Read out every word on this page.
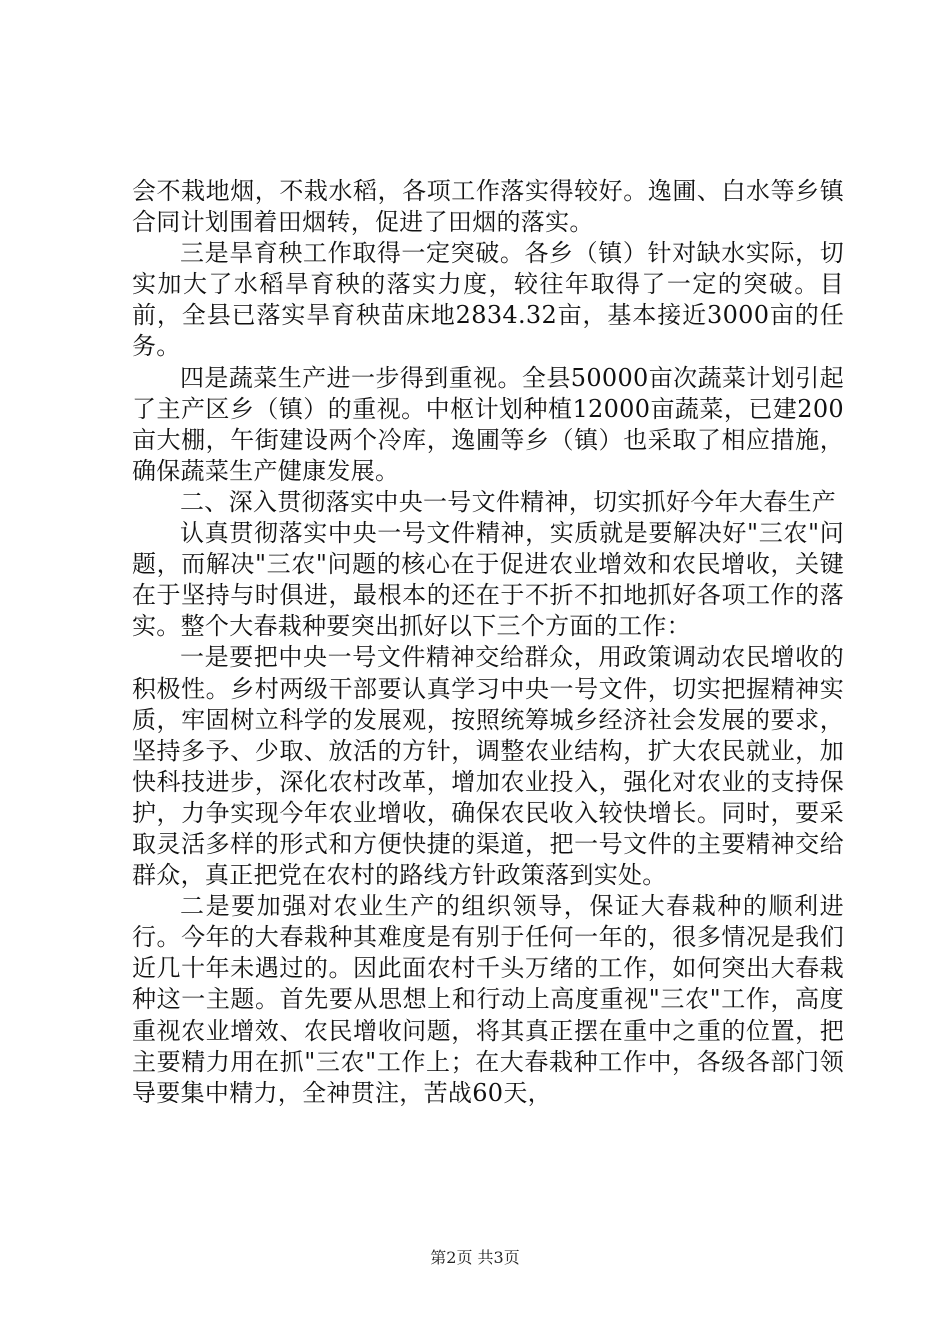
会不栽地烟，不栽水稻，各项工作落实得较好。逸圃、白水等乡镇合同计划围着田烟转，促进了田烟的落实。

三是旱育秧工作取得一定突破。各乡（镇）针对缺水实际，切实加大了水稻旱育秧的落实力度，较往年取得了一定的突破。目前，全县已落实旱育秧苗床地2834.32亩，基本接近3000亩的任务。

四是蔬菜生产进一步得到重视。全县50000亩次蔬菜计划引起了主产区乡（镇）的重视。中枢计划种植12000亩蔬菜，已建200亩大棚，午街建设两个冷库，逸圃等乡（镇）也采取了相应措施，确保蔬菜生产健康发展。

二、深入贯彻落实中央一号文件精神，切实抓好今年大春生产

认真贯彻落实中央一号文件精神，实质就是要解决好"三农"问题，而解决"三农"问题的核心在于促进农业增效和农民增收，关键在于坚持与时俱进，最根本的还在于不折不扣地抓好各项工作的落实。整个大春栽种要突出抓好以下三个方面的工作：

一是要把中央一号文件精神交给群众，用政策调动农民增收的积极性。乡村两级干部要认真学习中央一号文件，切实把握精神实质，牢固树立科学的发展观，按照统筹城乡经济社会发展的要求，坚持多予、少取、放活的方针，调整农业结构，扩大农民就业，加快科技进步，深化农村改革，增加农业投入，强化对农业的支持保护，力争实现今年农业增收，确保农民收入较快增长。同时，要采取灵活多样的形式和方便快捷的渠道，把一号文件的主要精神交给群众，真正把党在农村的路线方针政策落到实处。

二是要加强对农业生产的组织领导，保证大春栽种的顺利进行。今年的大春栽种其难度是有别于任何一年的，很多情况是我们近几十年未遇过的。因此面农村千头万绪的工作，如何突出大春栽种这一主题。首先要从思想上和行动上高度重视"三农"工作，高度重视农业增效、农民增收问题，将其真正摆在重中之重的位置，把主要精力用在抓"三农"工作上；在大春栽种工作中，各级各部门领导要集中精力，全神贯注，苦战60天，

第2页 共3页
